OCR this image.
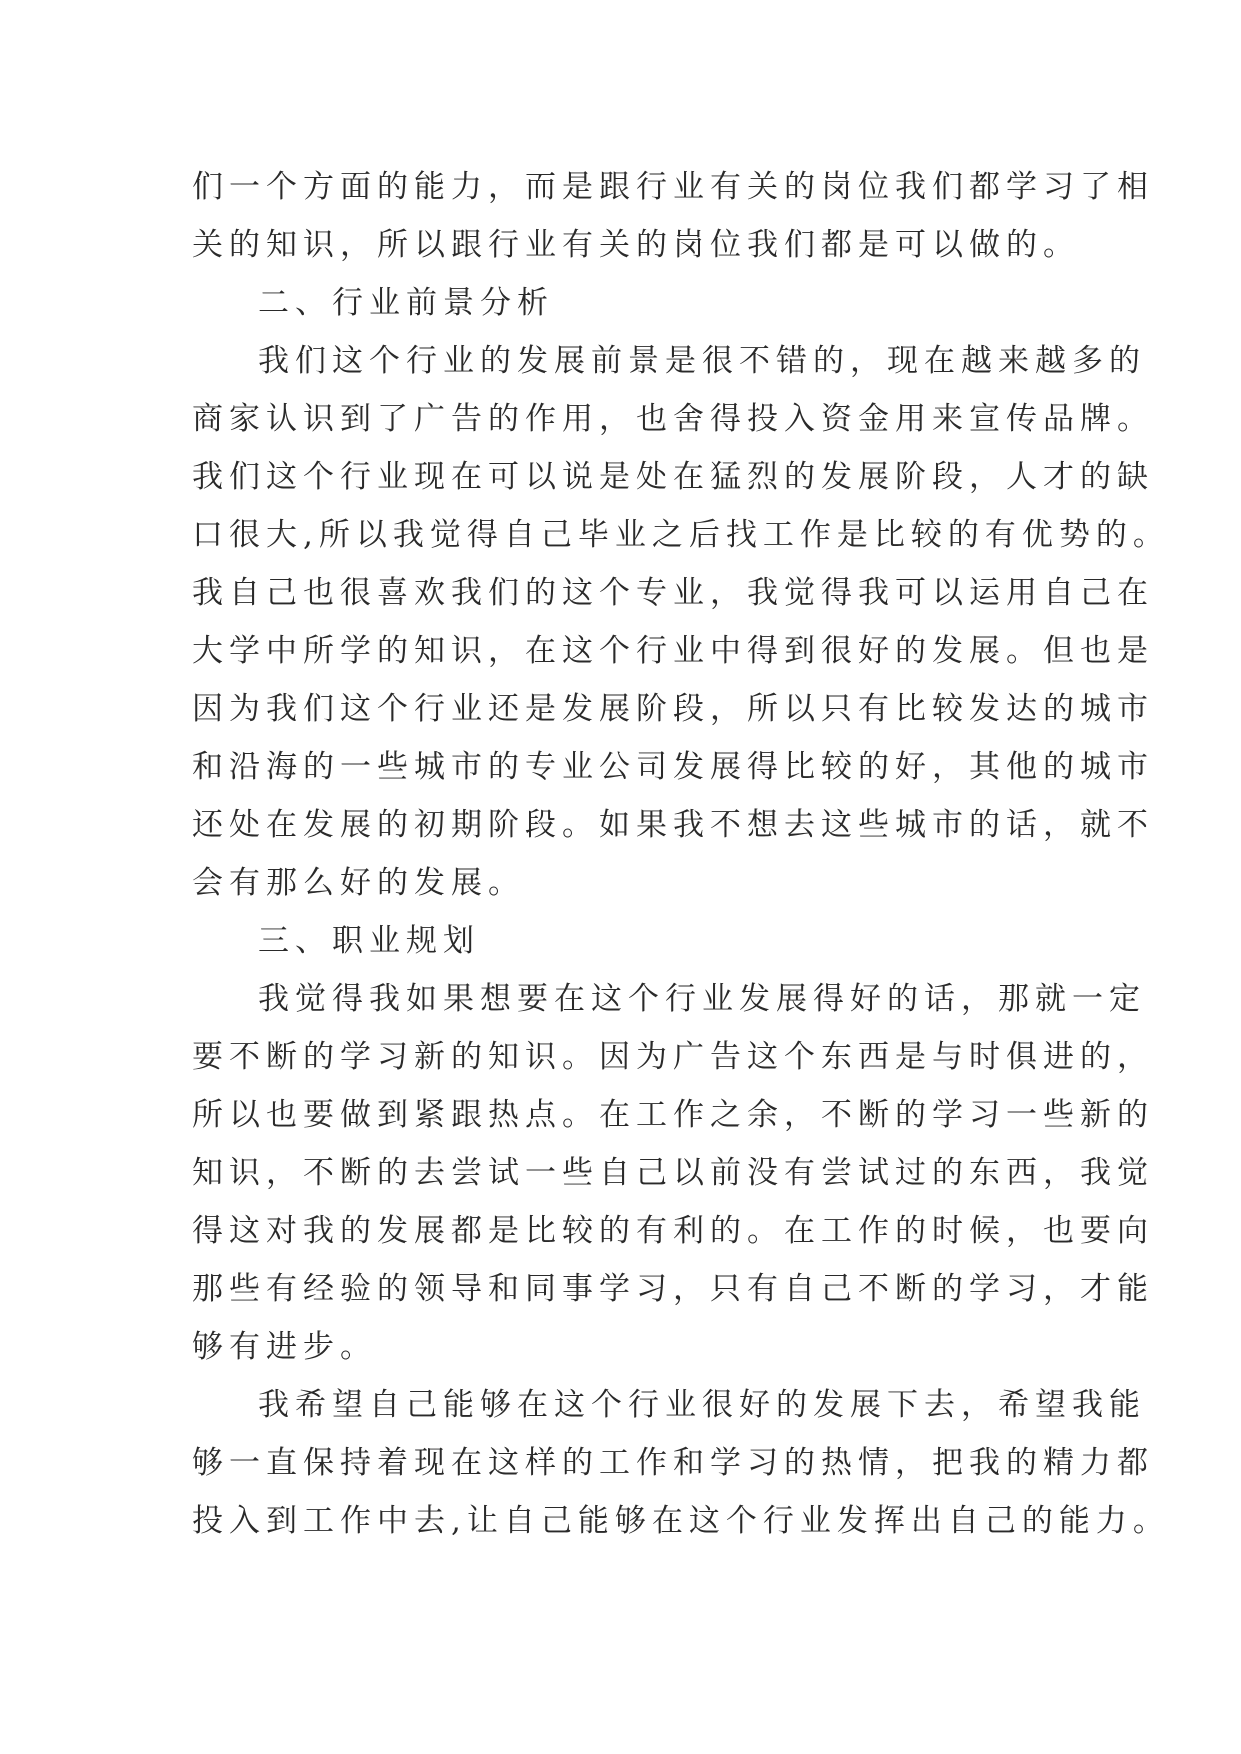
们一个方面的能力，而是跟行业有关的岗位我们都学习了相
关的知识，所以跟行业有关的岗位我们都是可以做的。
二、行业前景分析
我们这个行业的发展前景是很不错的，现在越来越多的
商家认识到了广告的作用，也舍得投入资金用来宣传品牌。
我们这个行业现在可以说是处在猛烈的发展阶段，人才的缺
口很大,所以我觉得自己毕业之后找工作是比较的有优势的。
我自己也很喜欢我们的这个专业，我觉得我可以运用自己在
大学中所学的知识，在这个行业中得到很好的发展。但也是
因为我们这个行业还是发展阶段，所以只有比较发达的城市
和沿海的一些城市的专业公司发展得比较的好，其他的城市
还处在发展的初期阶段。如果我不想去这些城市的话，就不
会有那么好的发展。
三、职业规划
我觉得我如果想要在这个行业发展得好的话，那就一定
要不断的学习新的知识。因为广告这个东西是与时俱进的，
所以也要做到紧跟热点。在工作之余，不断的学习一些新的
知识，不断的去尝试一些自己以前没有尝试过的东西，我觉
得这对我的发展都是比较的有利的。在工作的时候，也要向
那些有经验的领导和同事学习，只有自己不断的学习，才能
够有进步。
我希望自己能够在这个行业很好的发展下去，希望我能
够一直保持着现在这样的工作和学习的热情，把我的精力都
投入到工作中去,让自己能够在这个行业发挥出自己的能力。
